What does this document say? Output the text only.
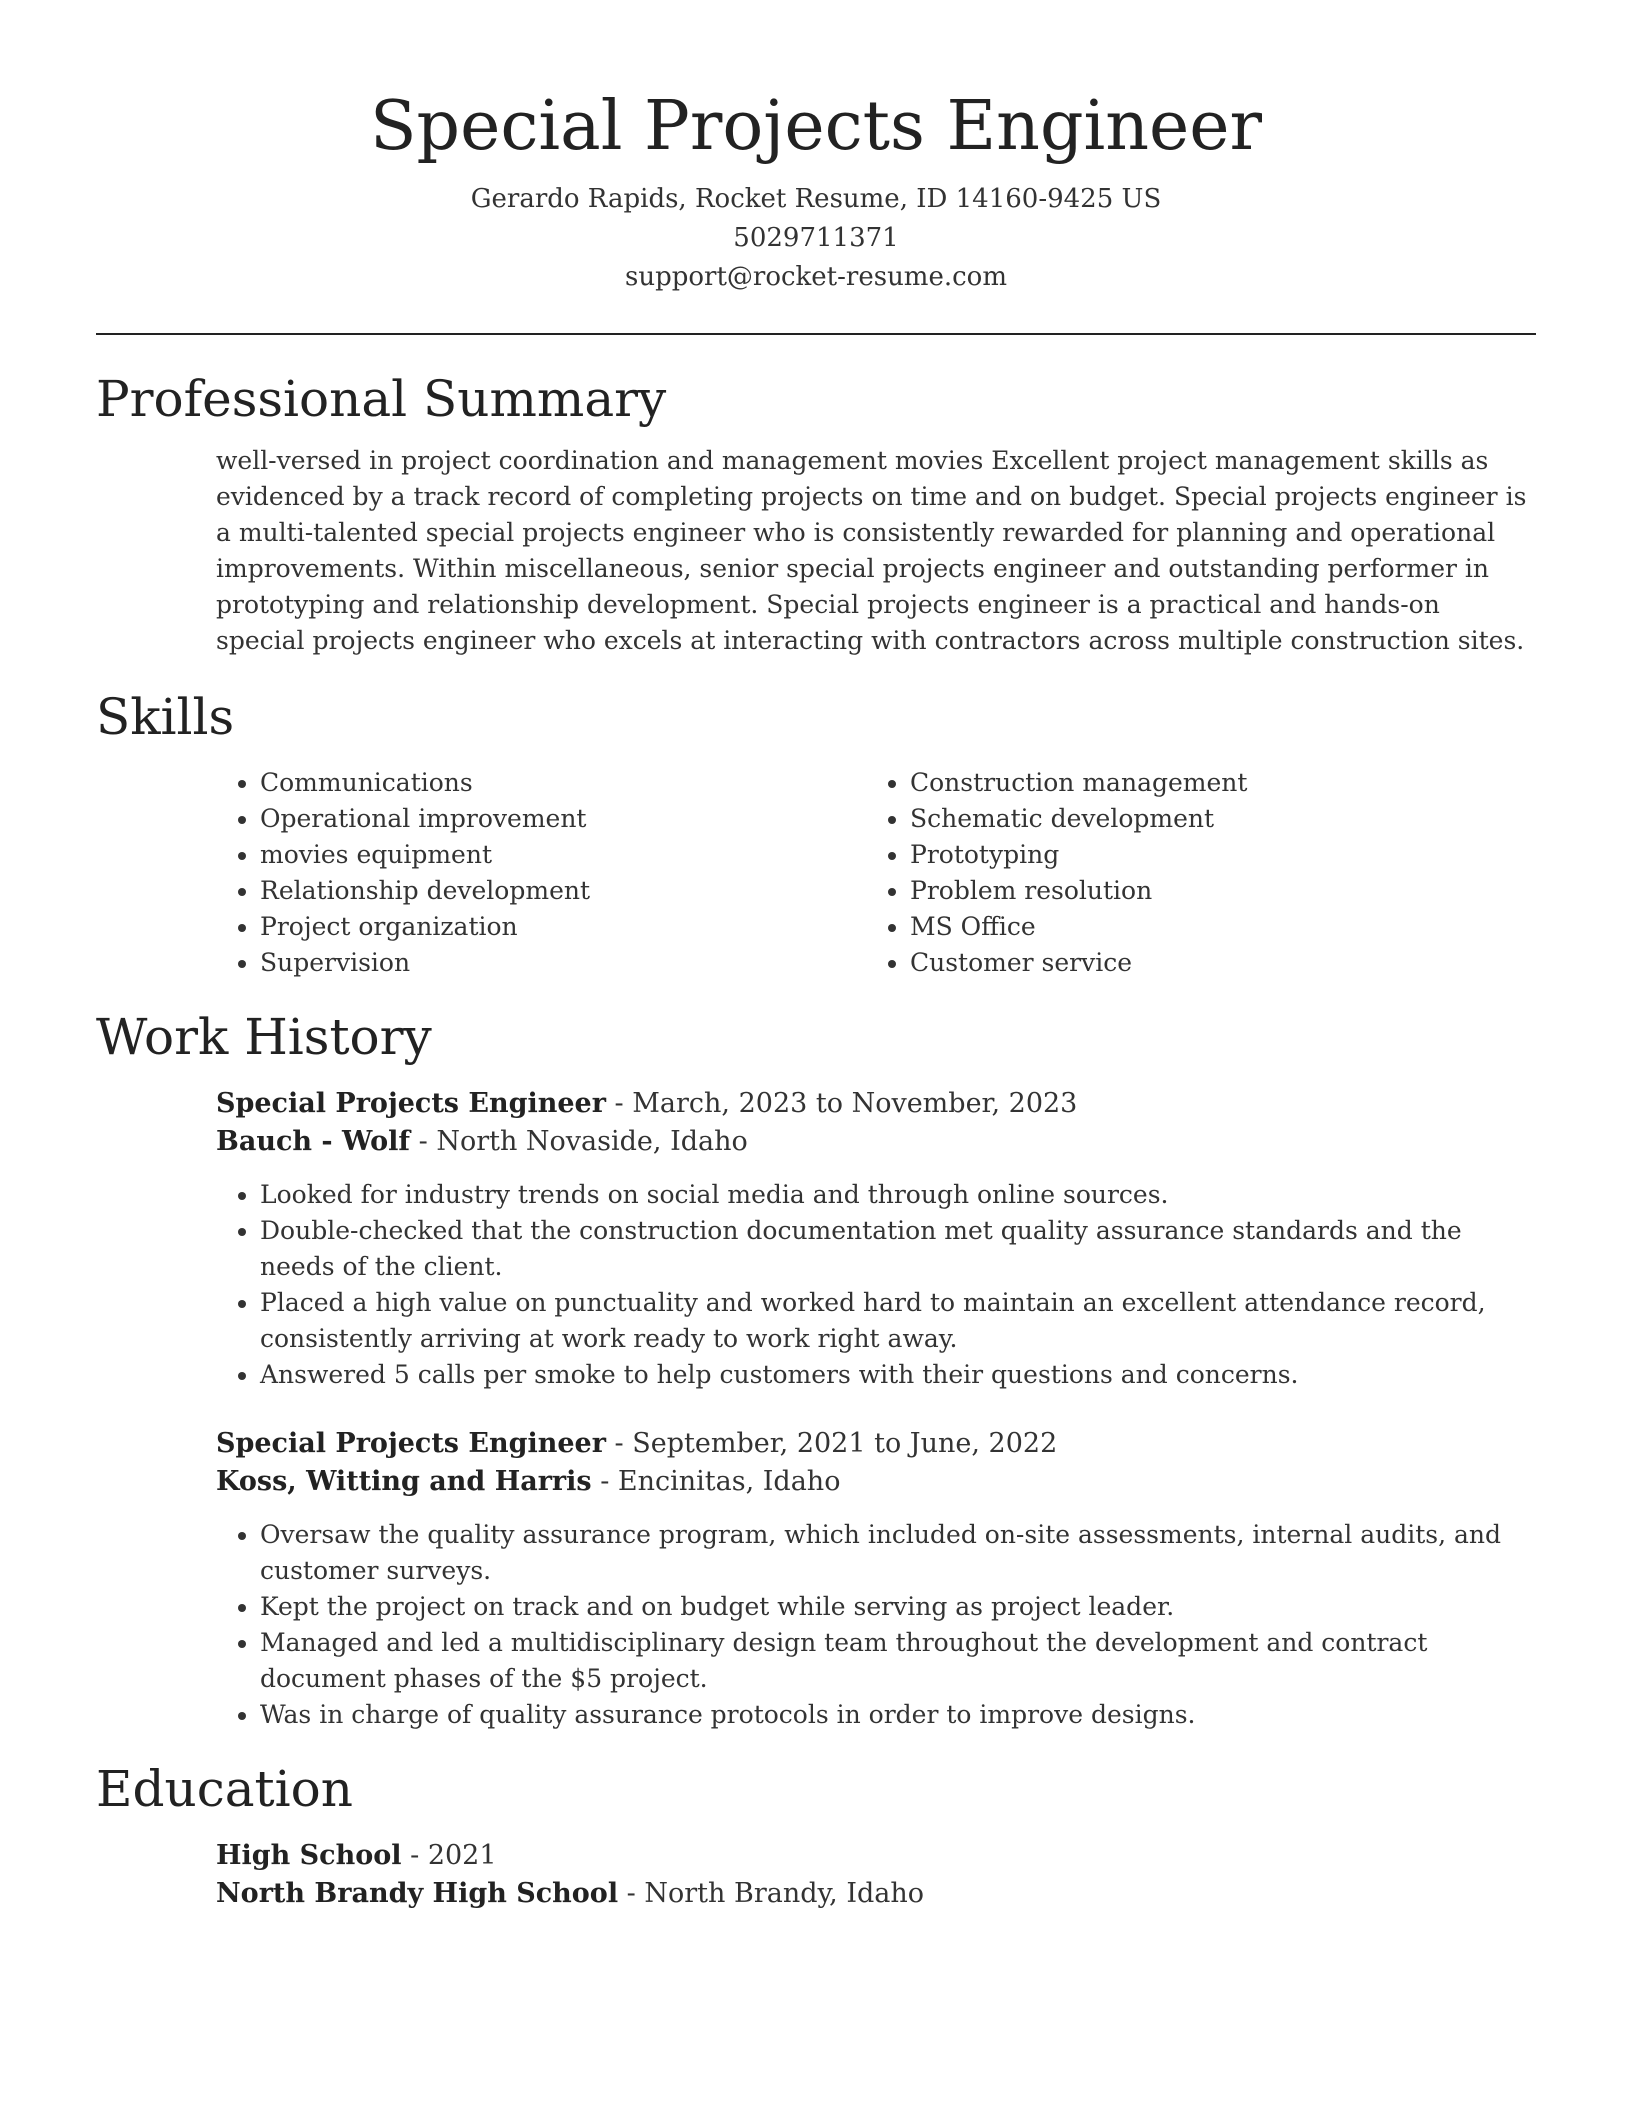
Special Projects Engineer
Gerardo Rapids, Rocket Resume, ID 14160-9425 US
5029711371
support@rocket-resume.com
Professional Summary

well-versed in project coordination and management movies Excellent project management skills as evidenced by a track record of completing projects on time and on budget. Special projects engineer is a multi-talented special projects engineer who is consistently rewarded for planning and operational improvements. Within miscellaneous, senior special projects engineer and outstanding performer in prototyping and relationship development. Special projects engineer is a practical and hands-on special projects engineer who excels at interacting with contractors across multiple construction sites.

Skills
• Communications
• Operational improvement
• movies equipment
• Relationship development
• Project organization
• Supervision
• Construction management
• Schematic development
• Prototyping
• Problem resolution
• MS Office
• Customer service
Work History
Special Projects Engineer - March, 2023 to November, 2023
Bauch - Wolf - North Novaside, Idaho
• Looked for industry trends on social media and through online sources.
• Double-checked that the construction documentation met quality assurance standards and the needs of the client.
• Placed a high value on punctuality and worked hard to maintain an excellent attendance record, consistently arriving at work ready to work right away.
• Answered 5 calls per smoke to help customers with their questions and concerns.
Special Projects Engineer - September, 2021 to June, 2022
Koss, Witting and Harris - Encinitas, Idaho
• Oversaw the quality assurance program, which included on-site assessments, internal audits, and customer surveys.
• Kept the project on track and on budget while serving as project leader.
• Managed and led a multidisciplinary design team throughout the development and contract document phases of the $5 project.
• Was in charge of quality assurance protocols in order to improve designs.
Education
High School - 2021
North Brandy High School - North Brandy, Idaho
